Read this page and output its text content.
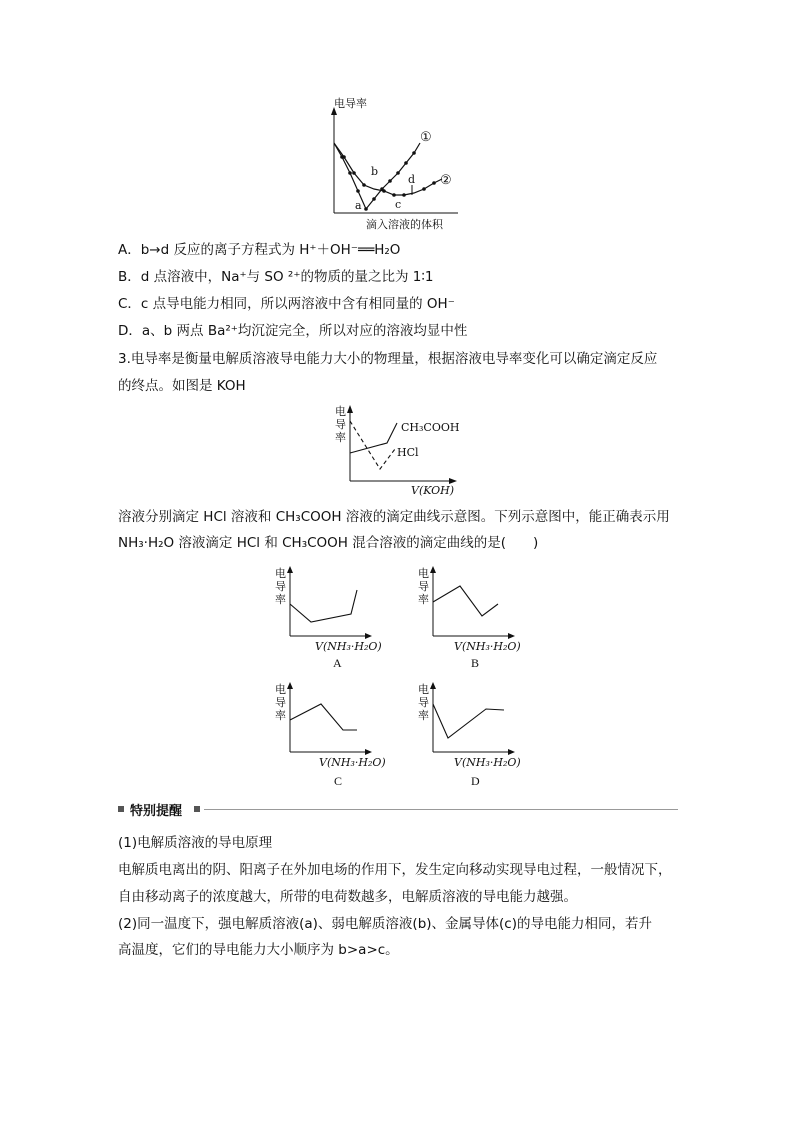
电导率
①
②
a
b
c
d
滴入溶液的体积
A．b→d 反应的离子方程式为 H⁺＋OH⁻══H₂O
B．d 点溶液中，Na⁺与 SO ²⁺的物质的量之比为 1∶1
C．c 点导电能力相同，所以两溶液中含有相同量的 OH⁻
D．a、b 两点 Ba²⁺均沉淀完全，所以对应的溶液均显中性
3.电导率是衡量电解质溶液导电能力大小的物理量，根据溶液电导率变化可以确定滴定反应
的终点。如图是 KOH
电
导
率
CH₃COOH
HCl
V(KOH)
溶液分别滴定 HCl 溶液和 CH₃COOH 溶液的滴定曲线示意图。下列示意图中，能正确表示用
NH₃·H₂O 溶液滴定 HCl 和 CH₃COOH 混合溶液的滴定曲线的是(　　)
电
导
率
V(NH₃·H₂O)
A
电
导
率
V(NH₃·H₂O)
B
电
导
率
V(NH₃·H₂O)
C
电
导
率
V(NH₃·H₂O)
D
特别提醒
(1)电解质溶液的导电原理
电解质电离出的阴、阳离子在外加电场的作用下，发生定向移动实现导电过程，一般情况下，
自由移动离子的浓度越大，所带的电荷数越多，电解质溶液的导电能力越强。
(2)同一温度下，强电解质溶液(a)、弱电解质溶液(b)、金属导体(c)的导电能力相同，若升
高温度，它们的导电能力大小顺序为 b>a>c。
